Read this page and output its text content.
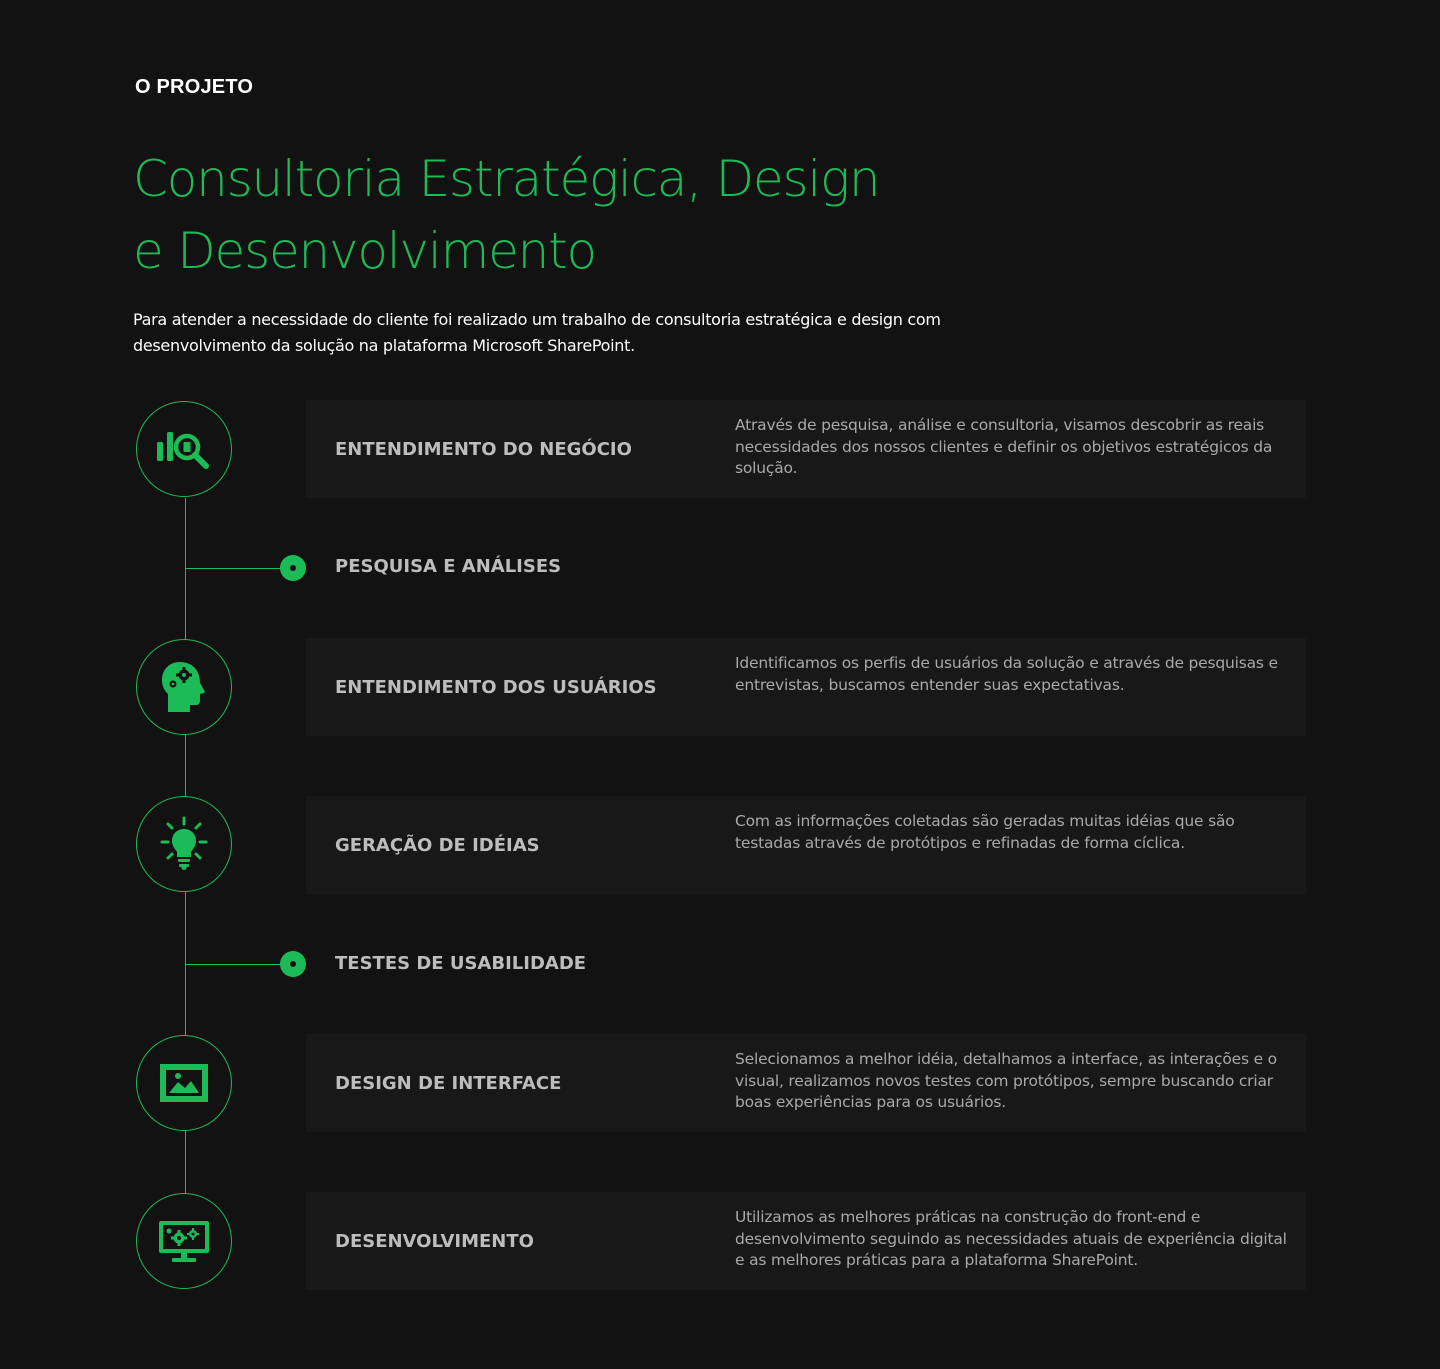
O PROJETO
Consultoria Estratégica, Design
e Desenvolvimento

Para atender a necessidade do cliente foi realizado um trabalho de consultoria estratégica e design com desenvolvimento da solução na plataforma Microsoft SharePoint.

ENTENDIMENTO DO NEGÓCIO

Através de pesquisa, análise e consultoria, visamos descobrir as reais necessidades dos nossos clientes e definir os objetivos estratégicos da solução.

PESQUISA E ANÁLISES
ENTENDIMENTO DOS USUÁRIOS

Identificamos os perfis de usuários da solução e através de pesquisas e entrevistas, buscamos entender suas expectativas.

GERAÇÃO DE IDÉIAS

Com as informações coletadas são geradas muitas idéias que são testadas através de protótipos e refinadas de forma cíclica.

TESTES DE USABILIDADE
DESIGN DE INTERFACE

Selecionamos a melhor idéia, detalhamos a interface, as interações e o visual, realizamos novos testes com protótipos, sempre buscando criar boas experiências para os usuários.

DESENVOLVIMENTO

Utilizamos as melhores práticas na construção do front-end e desenvolvimento seguindo as necessidades atuais de experiência digital e as melhores práticas para a plataforma SharePoint.
